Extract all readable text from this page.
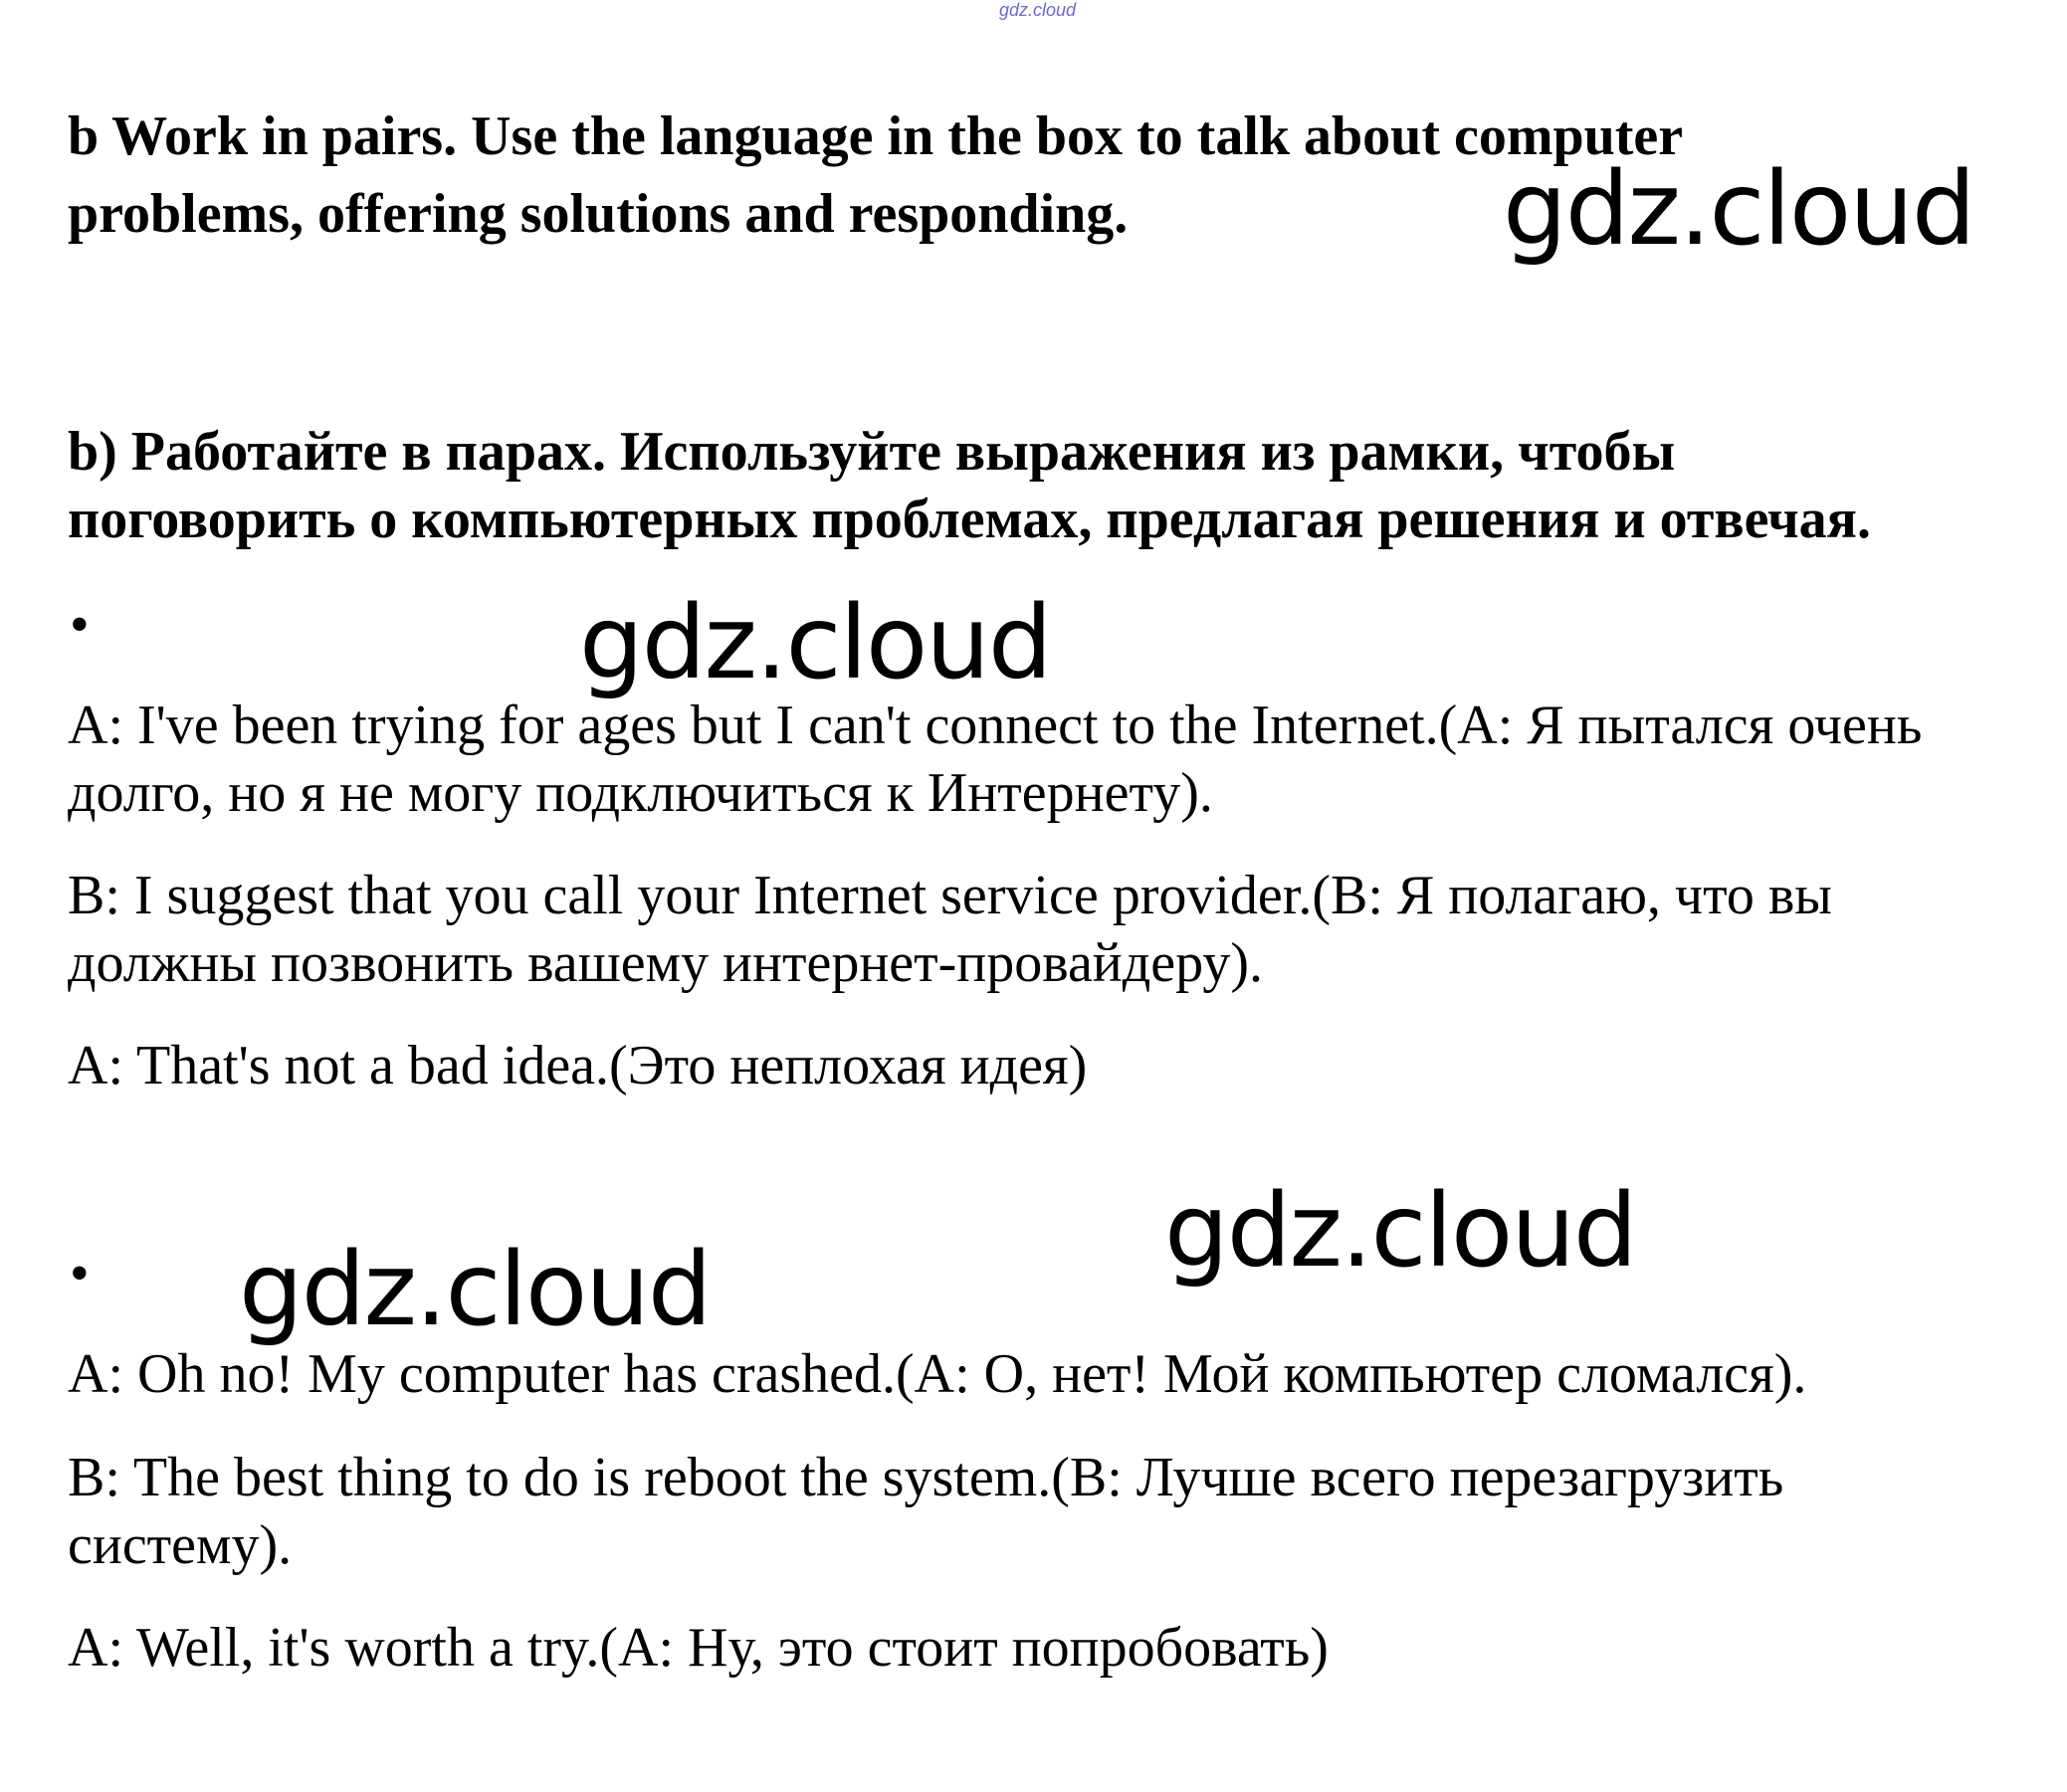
gdz.cloud
b Work in pairs. Use the language in the box to talk about computer
problems, offering solutions and responding.
b) Работайте в парах. Используйте выражения из рамки, чтобы
поговорить о компьютерных проблемах, предлагая решения и отвечая.
•
A: I've been trying for ages but I can't connect to the Internet.(A: Я пытался очень
долго, но я не могу подключиться к Интернету).
B: I suggest that you call your Internet service provider.(B: Я полагаю, что вы
должны позвонить вашему интернет-провайдеру).
A: That's not a bad idea.(Это неплохая идея)
•
A: Oh no! My computer has crashed.(A: О, нет! Мой компьютер сломался).
B: The best thing to do is reboot the system.(B: Лучше всего перезагрузить
систему).
A: Well, it's worth a try.(A: Ну, это стоит попробовать)
gdz.cloud
gdz.cloud
gdz.cloud
gdz.cloud
